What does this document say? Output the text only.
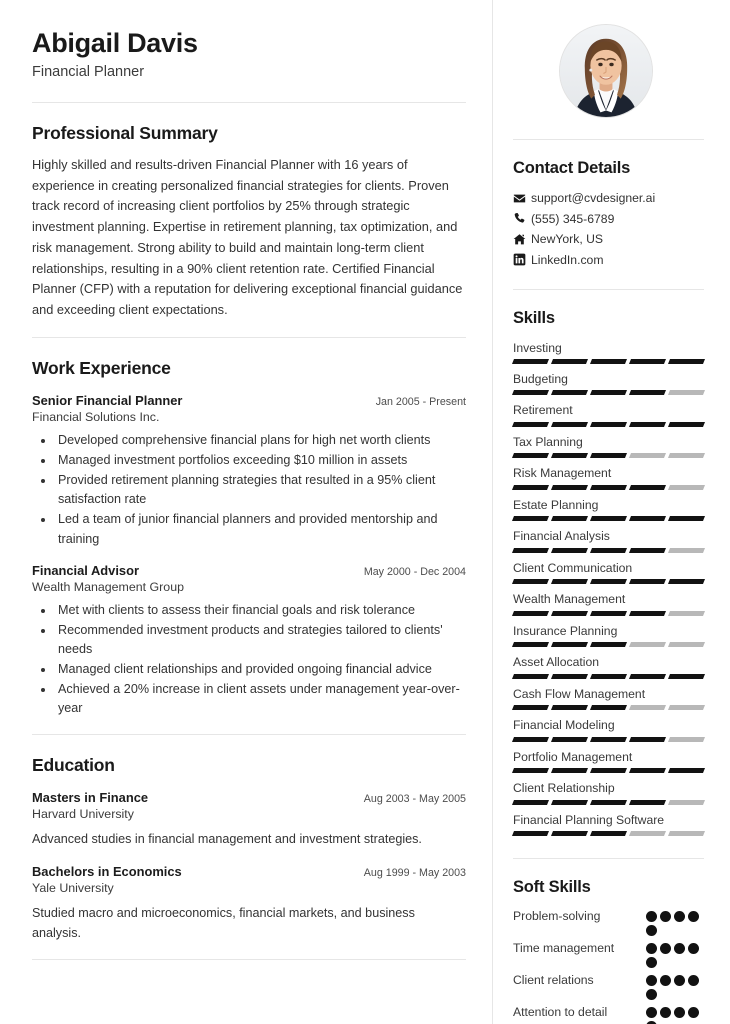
Abigail Davis
Financial Planner
Professional Summary
Highly skilled and results-driven Financial Planner with 16 years of experience in creating personalized financial strategies for clients. Proven track record of increasing client portfolios by 25% through strategic investment planning. Expertise in retirement planning, tax optimization, and risk management. Strong ability to build and maintain long-term client relationships, resulting in a 90% client retention rate. Certified Financial Planner (CFP) with a reputation for delivering exceptional financial guidance and exceeding client expectations.
Work Experience
Senior Financial Planner	Jan 2005 - Present
Financial Solutions Inc.
• Developed comprehensive financial plans for high net worth clients
• Managed investment portfolios exceeding $10 million in assets
• Provided retirement planning strategies that resulted in a 95% client satisfaction rate
• Led a team of junior financial planners and provided mentorship and training
Financial Advisor	May 2000 - Dec 2004
Wealth Management Group
• Met with clients to assess their financial goals and risk tolerance
• Recommended investment products and strategies tailored to clients' needs
• Managed client relationships and provided ongoing financial advice
• Achieved a 20% increase in client assets under management year-over-year
Education
Masters in Finance	Aug 2003 - May 2005
Harvard University
Advanced studies in financial management and investment strategies.
Bachelors in Economics	Aug 1999 - May 2003
Yale University
Studied macro and microeconomics, financial markets, and business analysis.
Contact Details
support@cvdesigner.ai
(555) 345-6789
NewYork, US
LinkedIn.com
Skills
Investing
Budgeting
Retirement
Tax Planning
Risk Management
Estate Planning
Financial Analysis
Client Communication
Wealth Management
Insurance Planning
Asset Allocation
Cash Flow Management
Financial Modeling
Portfolio Management
Client Relationship
Financial Planning Software
Soft Skills
Problem-solving
Time management
Client relations
Attention to detail
